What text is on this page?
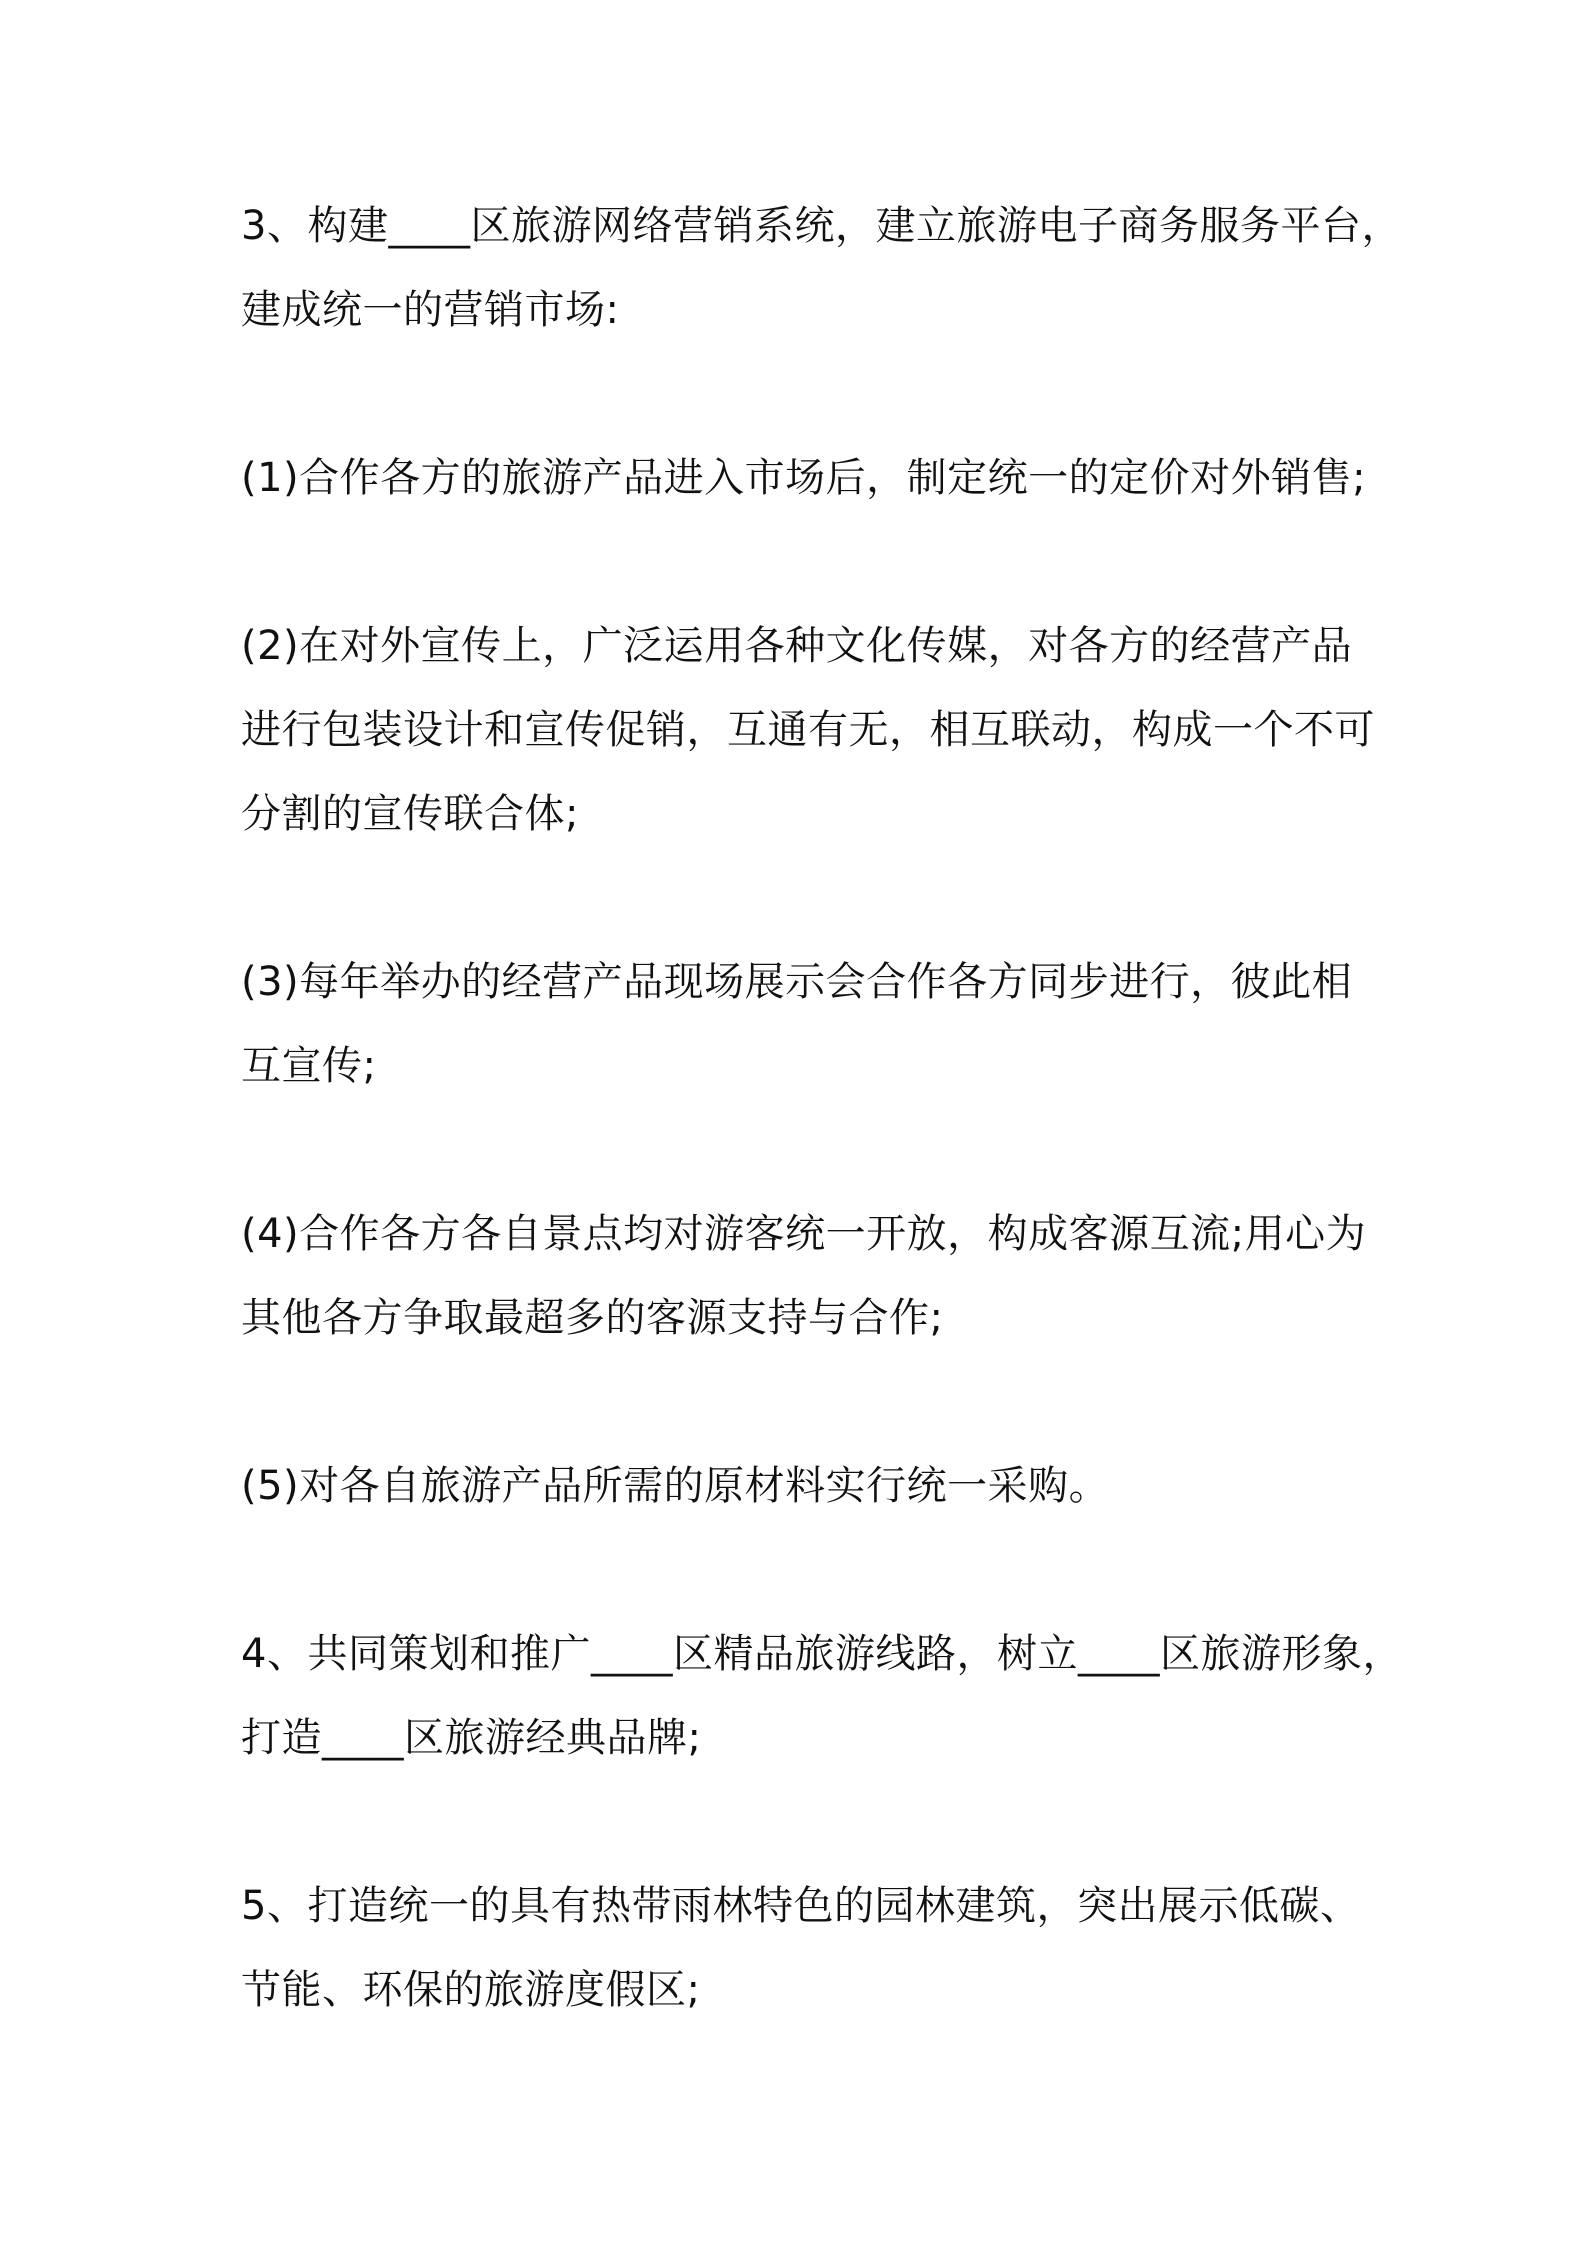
3、构建____区旅游网络营销系统，建立旅游电子商务服务平台，
建成统一的营销市场:

(1)合作各方的旅游产品进入市场后，制定统一的定价对外销售;

(2)在对外宣传上，广泛运用各种文化传媒，对各方的经营产品
进行包装设计和宣传促销，互通有无，相互联动，构成一个不可
分割的宣传联合体;

(3)每年举办的经营产品现场展示会合作各方同步进行，彼此相
互宣传;

(4)合作各方各自景点均对游客统一开放，构成客源互流;用心为
其他各方争取最超多的客源支持与合作;

(5)对各自旅游产品所需的原材料实行统一采购。

4、共同策划和推广____区精品旅游线路，树立____区旅游形象，
打造____区旅游经典品牌;

5、打造统一的具有热带雨林特色的园林建筑，突出展示低碳、
节能、环保的旅游度假区;
